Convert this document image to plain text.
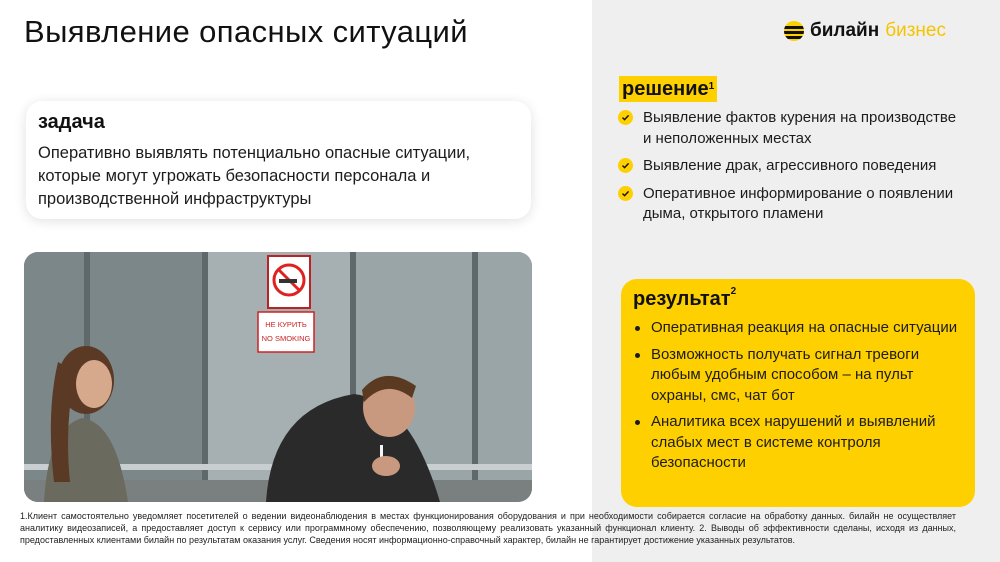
Выявление опасных ситуаций	билайн бизнес
задача
Оперативно выявлять потенциально опасные ситуации, которые могут угрожать безопасности персонала и производственной инфраструктуры
НЕ КУРИТЬ
NO SMOKING
решение$^1$
Выявление фактов курения на производстве и неположенных местах
Выявление драк, агрессивного поведения
Оперативное информирование о появлении дыма, открытого пламени
результат$^2$
Оперативная реакция на опасные ситуации
Возможность получать сигнал тревоги любым удобным способом – на пульт охраны, смс, чат бот
Аналитика всех нарушений и выявлений слабых мест в системе контроля безопасности
1.Клиент самостоятельно уведомляет посетителей о ведении видеонаблюдения в местах функционирования оборудования и при необходимости собирается согласие на обработку данных. билайн не осуществляет аналитику видеозаписей, а предоставляет доступ к сервису или программному обеспечению, позволяющему реализовать указанный функционал клиенту. 2. Выводы об эффективности сделаны, исходя из данных, предоставленных клиентами билайн по результатам оказания услуг. Сведения носят информационно-справочный характер, билайн не гарантирует достижение указанных результатов.
